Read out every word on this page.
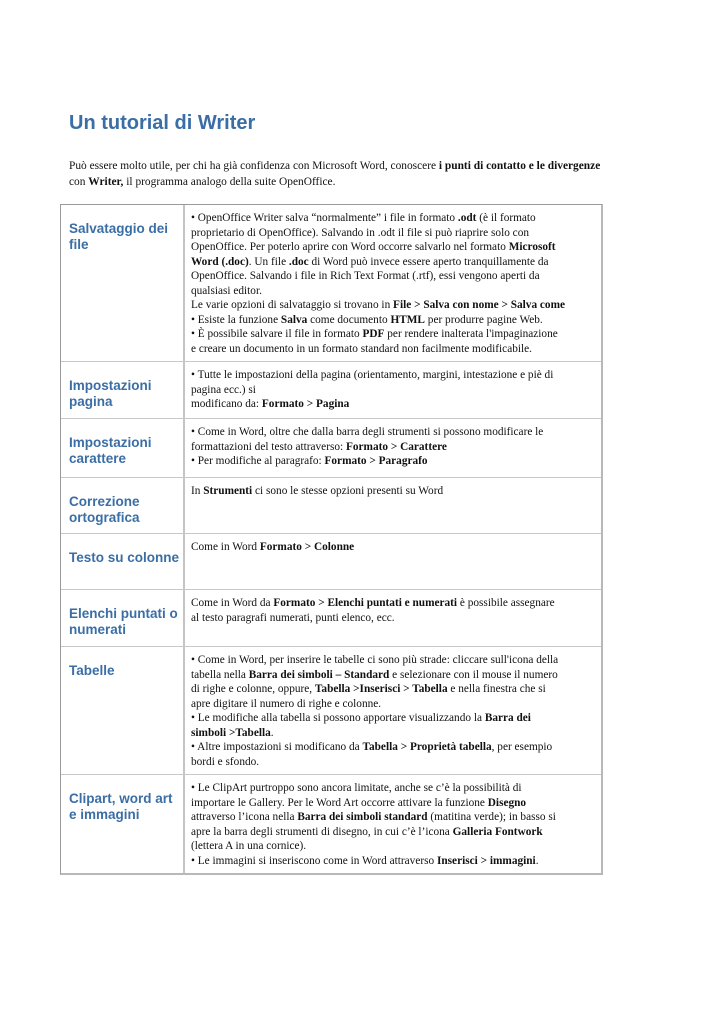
Un tutorial di Writer

Può essere molto utile, per chi ha già confidenza con Microsoft Word, conoscere i punti di contatto e le divergenze
con Writer, il programma analogo della suite OpenOffice.

Salvataggio dei file
• OpenOffice Writer salva “normalmente” i file in formato .odt (è il formato
proprietario di OpenOffice). Salvando in .odt il file si può riaprire solo con
OpenOffice. Per poterlo aprire con Word occorre salvarlo nel formato Microsoft
Word (.doc). Un file .doc di Word può invece essere aperto tranquillamente da
OpenOffice. Salvando i file in Rich Text Format (.rtf), essi vengono aperti da
qualsiasi editor.
Le varie opzioni di salvataggio si trovano in File > Salva con nome > Salva come
• Esiste la funzione Salva come documento HTML per produrre pagine Web.
• È possibile salvare il file in formato PDF per rendere inalterata l'impaginazione
e creare un documento in un formato standard non facilmente modificabile.
Impostazioni pagina
• Tutte le impostazioni della pagina (orientamento, margini, intestazione e piè di
pagina ecc.) si
modificano da: Formato > Pagina
Impostazioni carattere
• Come in Word, oltre che dalla barra degli strumenti si possono modificare le
formattazioni del testo attraverso: Formato > Carattere
• Per modifiche al paragrafo: Formato > Paragrafo
Correzione ortografica
In Strumenti ci sono le stesse opzioni presenti su Word
Testo su colonne
Come in Word Formato > Colonne
Elenchi puntati o numerati
Come in Word da Formato > Elenchi puntati e numerati è possibile assegnare
al testo paragrafi numerati, punti elenco, ecc.
Tabelle
• Come in Word, per inserire le tabelle ci sono più strade: cliccare sull'icona della
tabella nella Barra dei simboli – Standard e selezionare con il mouse il numero
di righe e colonne, oppure, Tabella >Inserisci > Tabella e nella finestra che si
apre digitare il numero di righe e colonne.
• Le modifiche alla tabella si possono apportare visualizzando la Barra dei
simboli >Tabella.
• Altre impostazioni si modificano da Tabella > Proprietà tabella, per esempio
bordi e sfondo.
Clipart, word art e immagini
• Le ClipArt purtroppo sono ancora limitate, anche se c’è la possibilità di
importare le Gallery. Per le Word Art occorre attivare la funzione Disegno
attraverso l’icona nella Barra dei simboli standard (matitina verde); in basso si
apre la barra degli strumenti di disegno, in cui c’è l’icona Galleria Fontwork
(lettera A in una cornice).
• Le immagini si inseriscono come in Word attraverso Inserisci > immagini.
